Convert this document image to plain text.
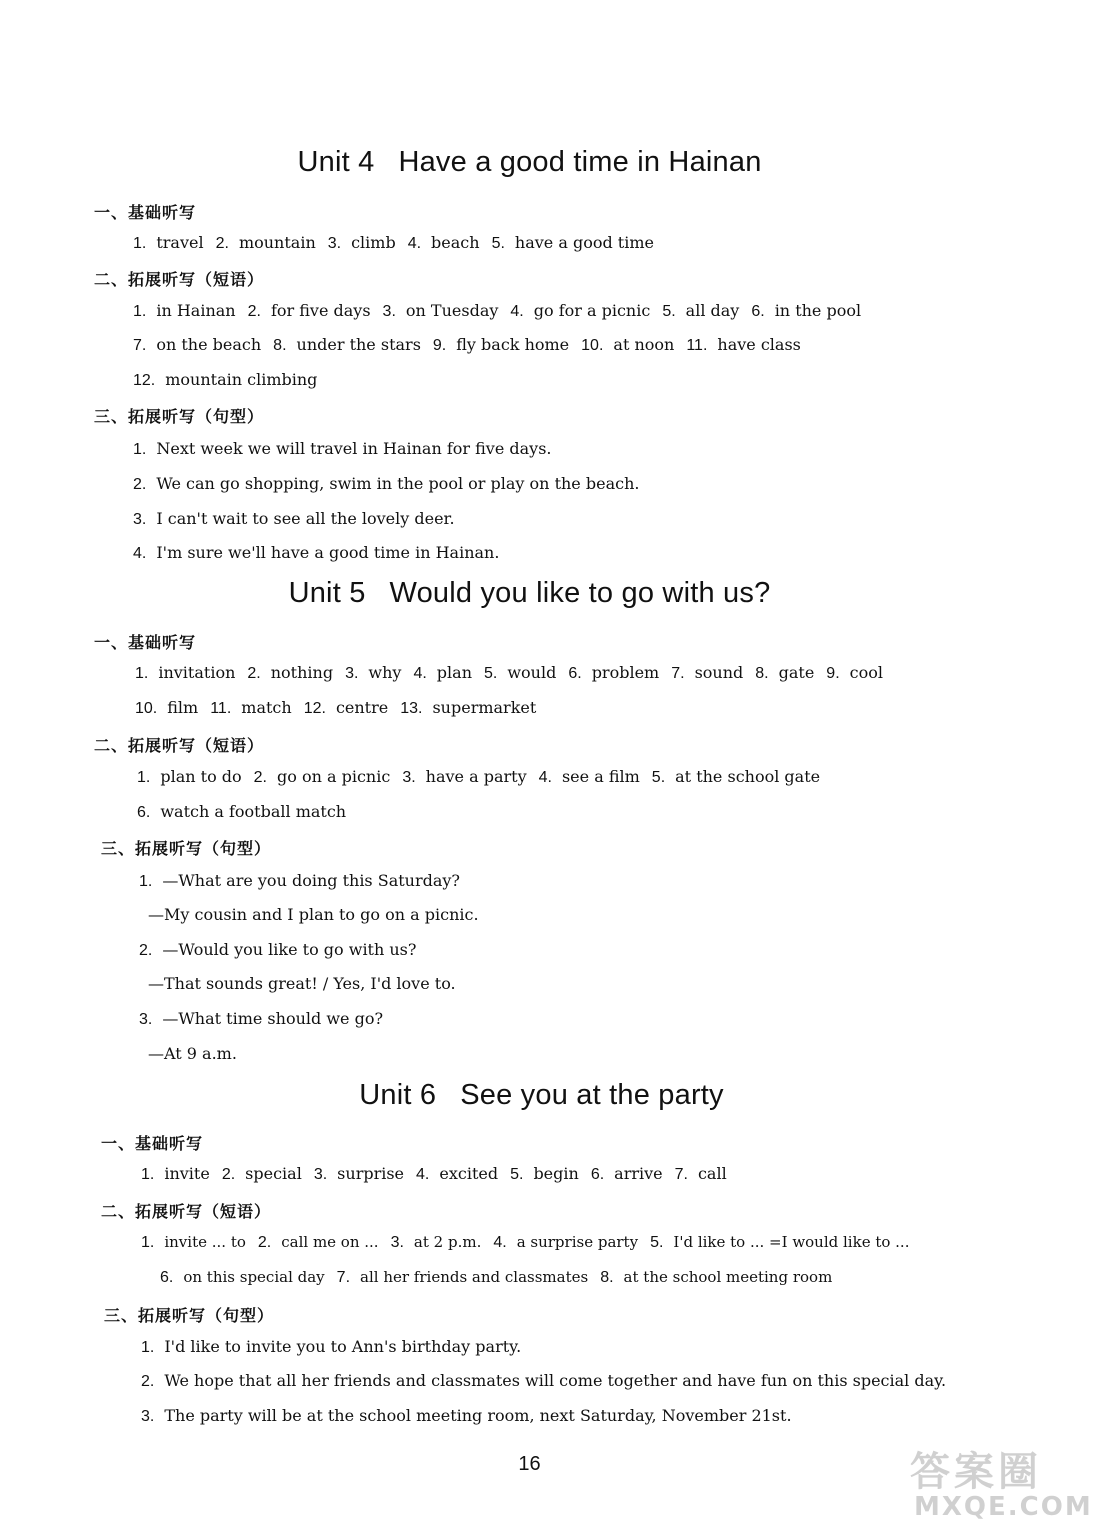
Unit 4 Have a good time in Hainan
一、基础听写
1. travel 2. mountain 3. climb 4. beach 5. have a good time
二、拓展听写（短语）
1. in Hainan 2. for five days 3. on Tuesday 4. go for a picnic 5. all day 6. in the pool
7. on the beach 8. under the stars 9. fly back home 10. at noon 11. have class
12. mountain climbing
三、拓展听写（句型）
1. Next week we will travel in Hainan for five days.
2. We can go shopping, swim in the pool or play on the beach.
3. I can't wait to see all the lovely deer.
4. I'm sure we'll have a good time in Hainan.
Unit 5 Would you like to go with us?
一、基础听写
1. invitation 2. nothing 3. why 4. plan 5. would 6. problem 7. sound 8. gate 9. cool
10. film 11. match 12. centre 13. supermarket
二、拓展听写（短语）
1. plan to do 2. go on a picnic 3. have a party 4. see a film 5. at the school gate
6. watch a football match
三、拓展听写（句型）
1. —What are you doing this Saturday?
—My cousin and I plan to go on a picnic.
2. —Would you like to go with us?
—That sounds great! / Yes, I'd love to.
3. —What time should we go?
—At 9 a.m.
Unit 6 See you at the party
一、基础听写
1. invite 2. special 3. surprise 4. excited 5. begin 6. arrive 7. call
二、拓展听写（短语）
1. invite ... to 2. call me on ... 3. at 2 p.m. 4. a surprise party 5. I'd like to ... =I would like to ...
6. on this special day 7. all her friends and classmates 8. at the school meeting room
三、拓展听写（句型）
1. I'd like to invite you to Ann's birthday party.
2. We hope that all her friends and classmates will come together and have fun on this special day.
3. The party will be at the school meeting room, next Saturday, November 21st.
16	答案圈
MXQE.COM
